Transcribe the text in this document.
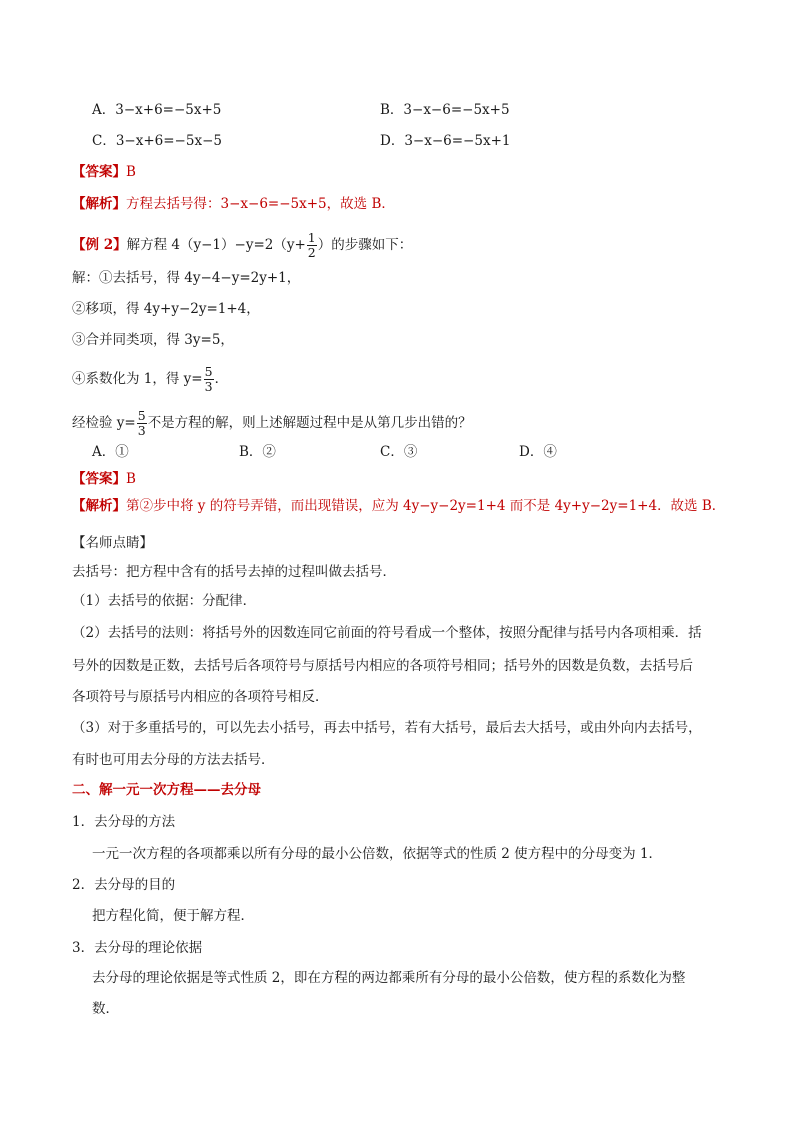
A．3−x+6=−5x+5	B．3−x−6=−5x+5
C．3−x+6=−5x−5	D．3−x−6=−5x+1
【答案】B
【解析】方程去括号得：3−x−6=−5x+5，故选 B．
【例 2】解方程 $4(y-1)-y=2(y+ \frac{1}{2}$ ）的步骤如下：
解：①去括号，得 4y−4−y=2y+1，
②移项，得 4y+y−2y=1+4，
③合并同类项，得 3y=5，
④系数化为 1，得 $y= \frac{5}{3}$ ．
经检验 $y= \frac{5}{3}$ 不是方程的解，则上述解题过程中是从第几步出错的？
A．①	B．②	C．③	D．④
【答案】B
【解析】第②步中将 y 的符号弄错，而出现错误，应为 4y−y−2y=1+4 而不是 4y+y−2y=1+4．故选 B．
【名师点睛】
去括号：把方程中含有的括号去掉的过程叫做去括号．
（1）去括号的依据：分配律．
（2）去括号的法则：将括号外的因数连同它前面的符号看成一个整体，按照分配律与括号内各项相乘．括
号外的因数是正数，去括号后各项符号与原括号内相应的各项符号相同；括号外的因数是负数，去括号后
各项符号与原括号内相应的各项符号相反．
（3）对于多重括号的，可以先去小括号，再去中括号，若有大括号，最后去大括号，或由外向内去括号，
有时也可用去分母的方法去括号．
二、解一元一次方程——去分母
1．去分母的方法
一元一次方程的各项都乘以所有分母的最小公倍数，依据等式的性质 2 使方程中的分母变为 1．
2．去分母的目的
把方程化简，便于解方程．
3．去分母的理论依据
去分母的理论依据是等式性质 2，即在方程的两边都乘所有分母的最小公倍数，使方程的系数化为整
数．
